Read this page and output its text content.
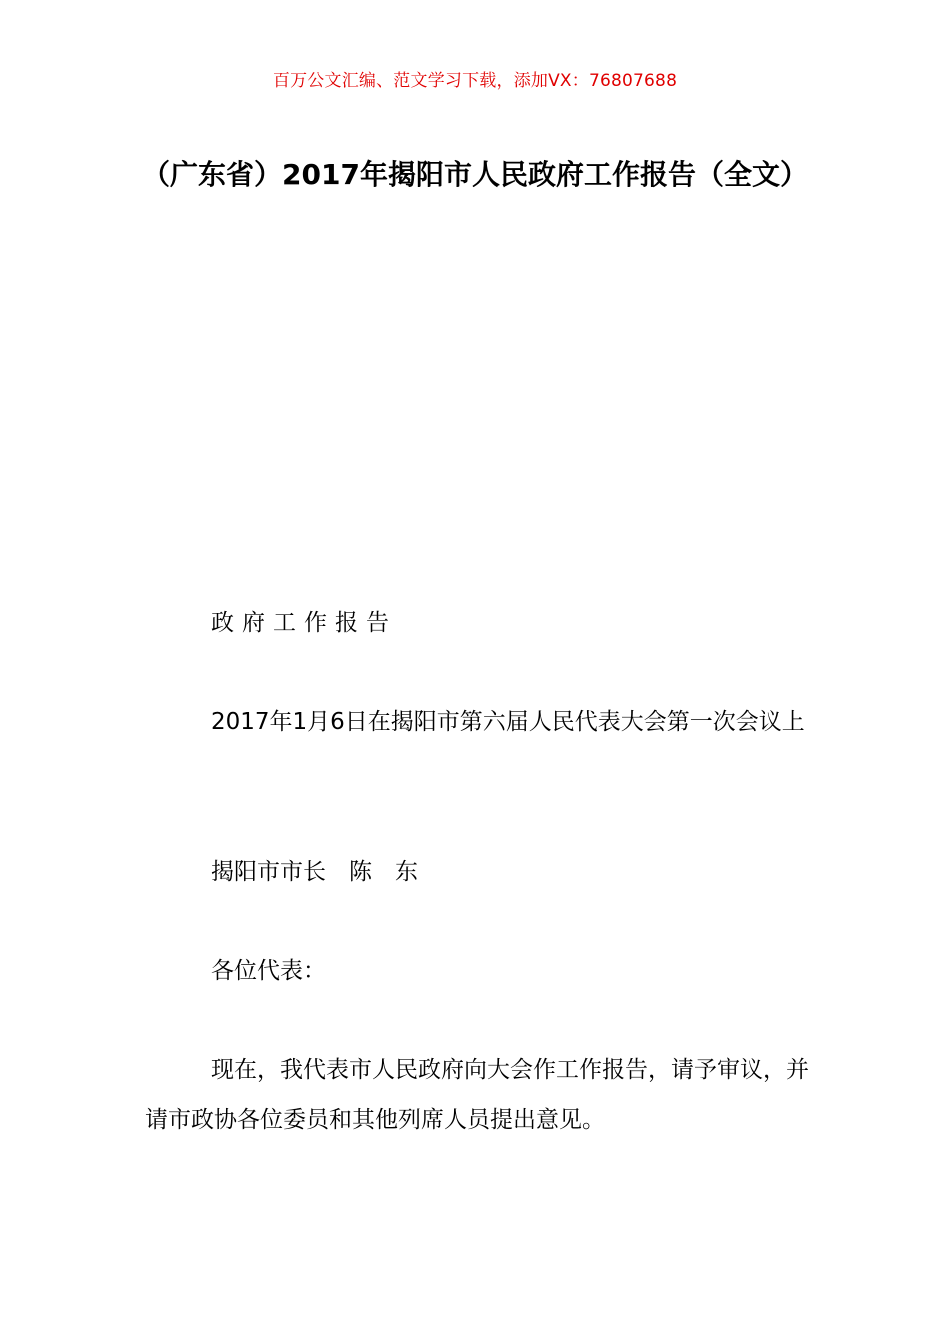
百万公文汇编、范文学习下载，添加VX：76807688
（广东省）2017年揭阳市人民政府工作报告（全文）
政府工作报告
2017年1月6日在揭阳市第六届人民代表大会第一次会议上
揭阳市市长　陈　东
各位代表：
现在，我代表市人民政府向大会作工作报告，请予审议，并请市政协各位委员和其他列席人员提出意见。
